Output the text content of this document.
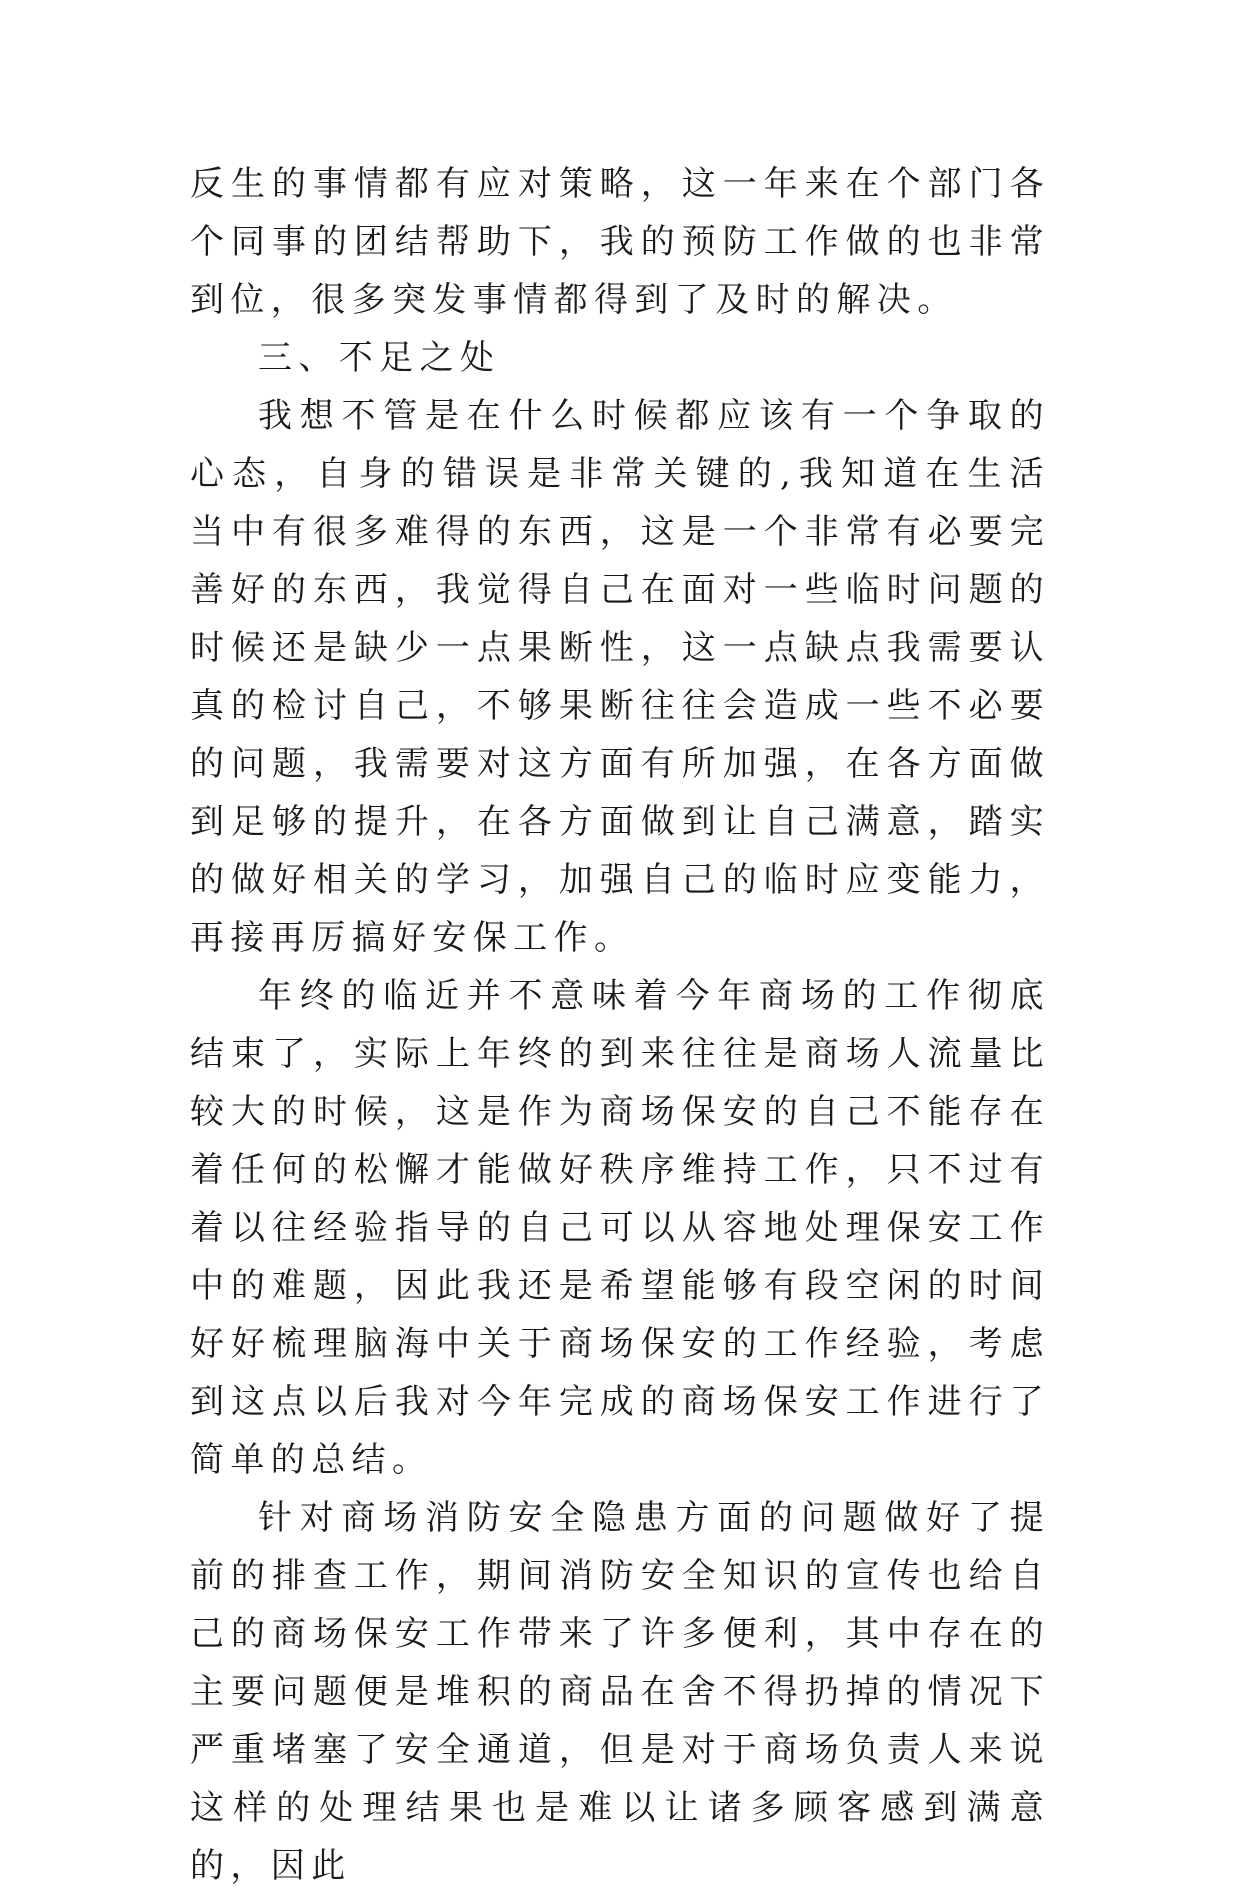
反生的事情都有应对策略，这一年来在个部门各个同事的团结帮助下，我的预防工作做的也非常到位，很多突发事情都得到了及时的解决。

三、不足之处

我想不管是在什么时候都应该有一个争取的心态，自身的错误是非常关键的,我知道在生活当中有很多难得的东西，这是一个非常有必要完善好的东西，我觉得自己在面对一些临时问题的时候还是缺少一点果断性，这一点缺点我需要认真的检讨自己，不够果断往往会造成一些不必要的问题，我需要对这方面有所加强，在各方面做到足够的提升，在各方面做到让自己满意，踏实的做好相关的学习，加强自己的临时应变能力，再接再厉搞好安保工作。

年终的临近并不意味着今年商场的工作彻底结束了，实际上年终的到来往往是商场人流量比较大的时候，这是作为商场保安的自己不能存在着任何的松懈才能做好秩序维持工作，只不过有着以往经验指导的自己可以从容地处理保安工作中的难题，因此我还是希望能够有段空闲的时间好好梳理脑海中关于商场保安的工作经验，考虑到这点以后我对今年完成的商场保安工作进行了简单的总结。

针对商场消防安全隐患方面的问题做好了提前的排查工作，期间消防安全知识的宣传也给自己的商场保安工作带来了许多便利，其中存在的主要问题便是堆积的商品在舍不得扔掉的情况下严重堵塞了安全通道，但是对于商场负责人来说这样的处理结果也是难以让诸多顾客感到满意的，因此
